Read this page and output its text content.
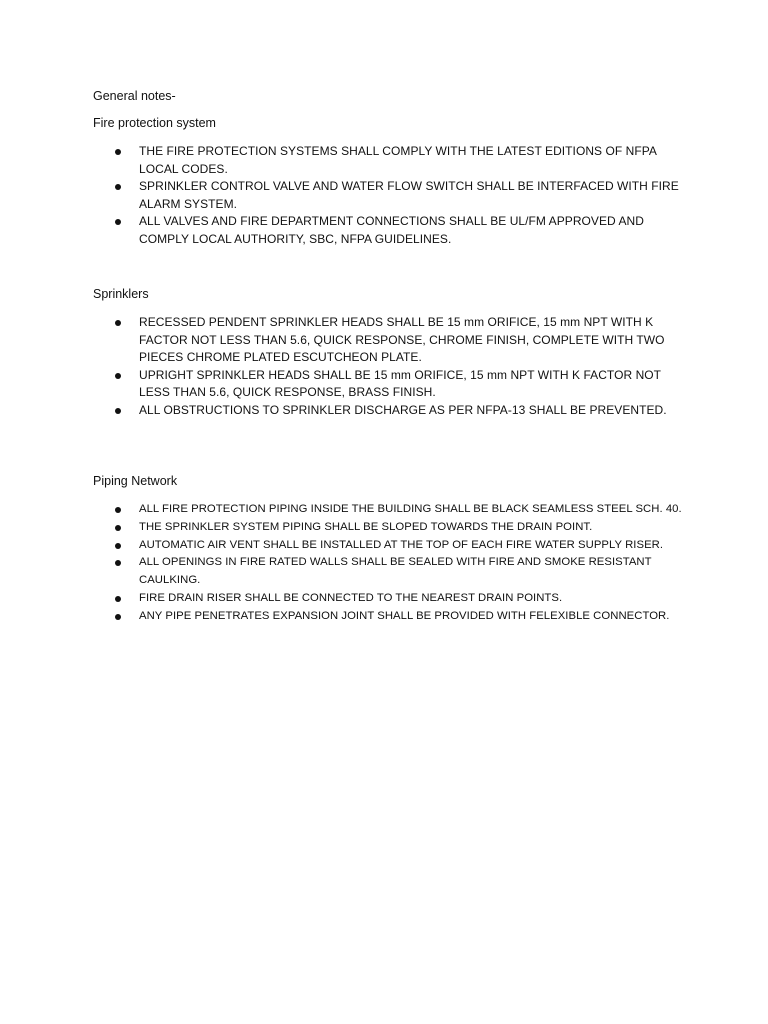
General notes-
Fire protection system
THE FIRE PROTECTION SYSTEMS SHALL COMPLY WITH THE LATEST EDITIONS OF NFPA LOCAL CODES.
SPRINKLER CONTROL VALVE AND WATER FLOW SWITCH SHALL BE INTERFACED WITH FIRE ALARM SYSTEM.
ALL VALVES AND FIRE DEPARTMENT CONNECTIONS SHALL BE UL/FM APPROVED AND COMPLY LOCAL AUTHORITY, SBC, NFPA GUIDELINES.
Sprinklers
RECESSED PENDENT SPRINKLER HEADS SHALL BE 15 mm ORIFICE, 15 mm NPT WITH K FACTOR NOT LESS THAN 5.6, QUICK RESPONSE, CHROME FINISH, COMPLETE WITH TWO PIECES CHROME PLATED ESCUTCHEON PLATE.
UPRIGHT SPRINKLER HEADS SHALL BE 15 mm ORIFICE, 15 mm NPT WITH K FACTOR NOT LESS THAN 5.6, QUICK RESPONSE, BRASS FINISH.
ALL OBSTRUCTIONS TO SPRINKLER DISCHARGE AS PER NFPA-13 SHALL BE PREVENTED.
Piping Network
ALL FIRE PROTECTION PIPING INSIDE THE BUILDING SHALL BE BLACK SEAMLESS STEEL SCH. 40.
THE SPRINKLER SYSTEM PIPING SHALL BE SLOPED TOWARDS THE DRAIN POINT.
AUTOMATIC AIR VENT SHALL BE INSTALLED AT THE TOP OF EACH FIRE WATER SUPPLY RISER.
ALL OPENINGS IN FIRE RATED WALLS SHALL BE SEALED WITH FIRE AND SMOKE RESISTANT CAULKING.
FIRE DRAIN RISER SHALL BE CONNECTED TO THE NEAREST DRAIN POINTS.
ANY PIPE PENETRATES EXPANSION JOINT SHALL BE PROVIDED WITH FELEXIBLE CONNECTOR.
